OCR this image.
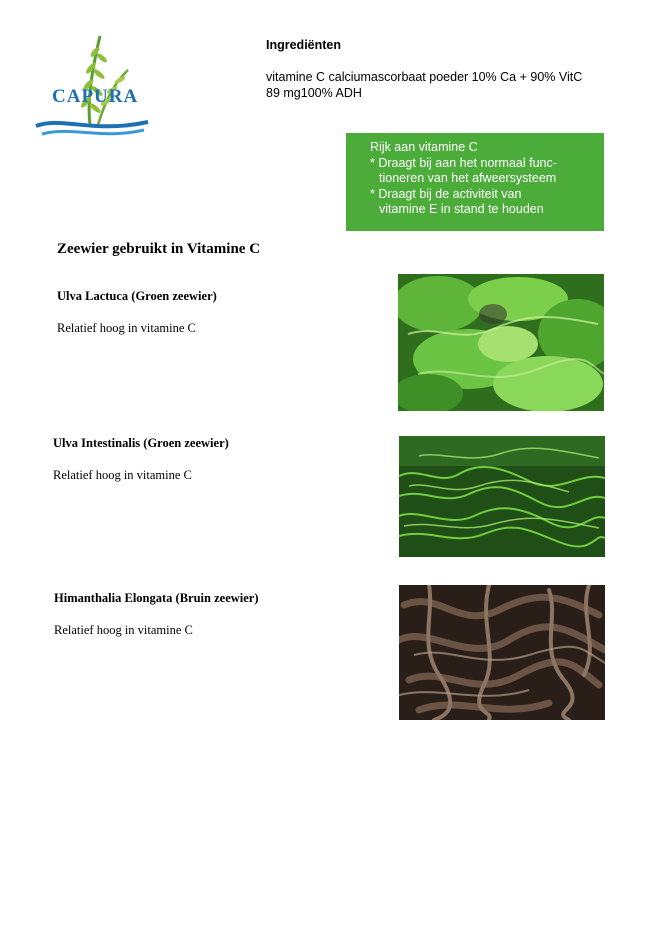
CAPURA
Ingrediënten
vitamine C calciumascorbaat poeder 10% Ca + 90% VitC
89 mg100% ADH
Rijk aan vitamine C
* Draagt bij aan het normaal func-
tioneren van het afweersysteem
* Draagt bij de activiteit van
vitamine E in stand te houden
Zeewier gebruikt in Vitamine C
Ulva Lactuca (Groen zeewier)
Relatief hoog in vitamine C
Ulva Intestinalis (Groen zeewier)
Relatief hoog in vitamine C
Himanthalia Elongata (Bruin zeewier)
Relatief hoog in vitamine C
